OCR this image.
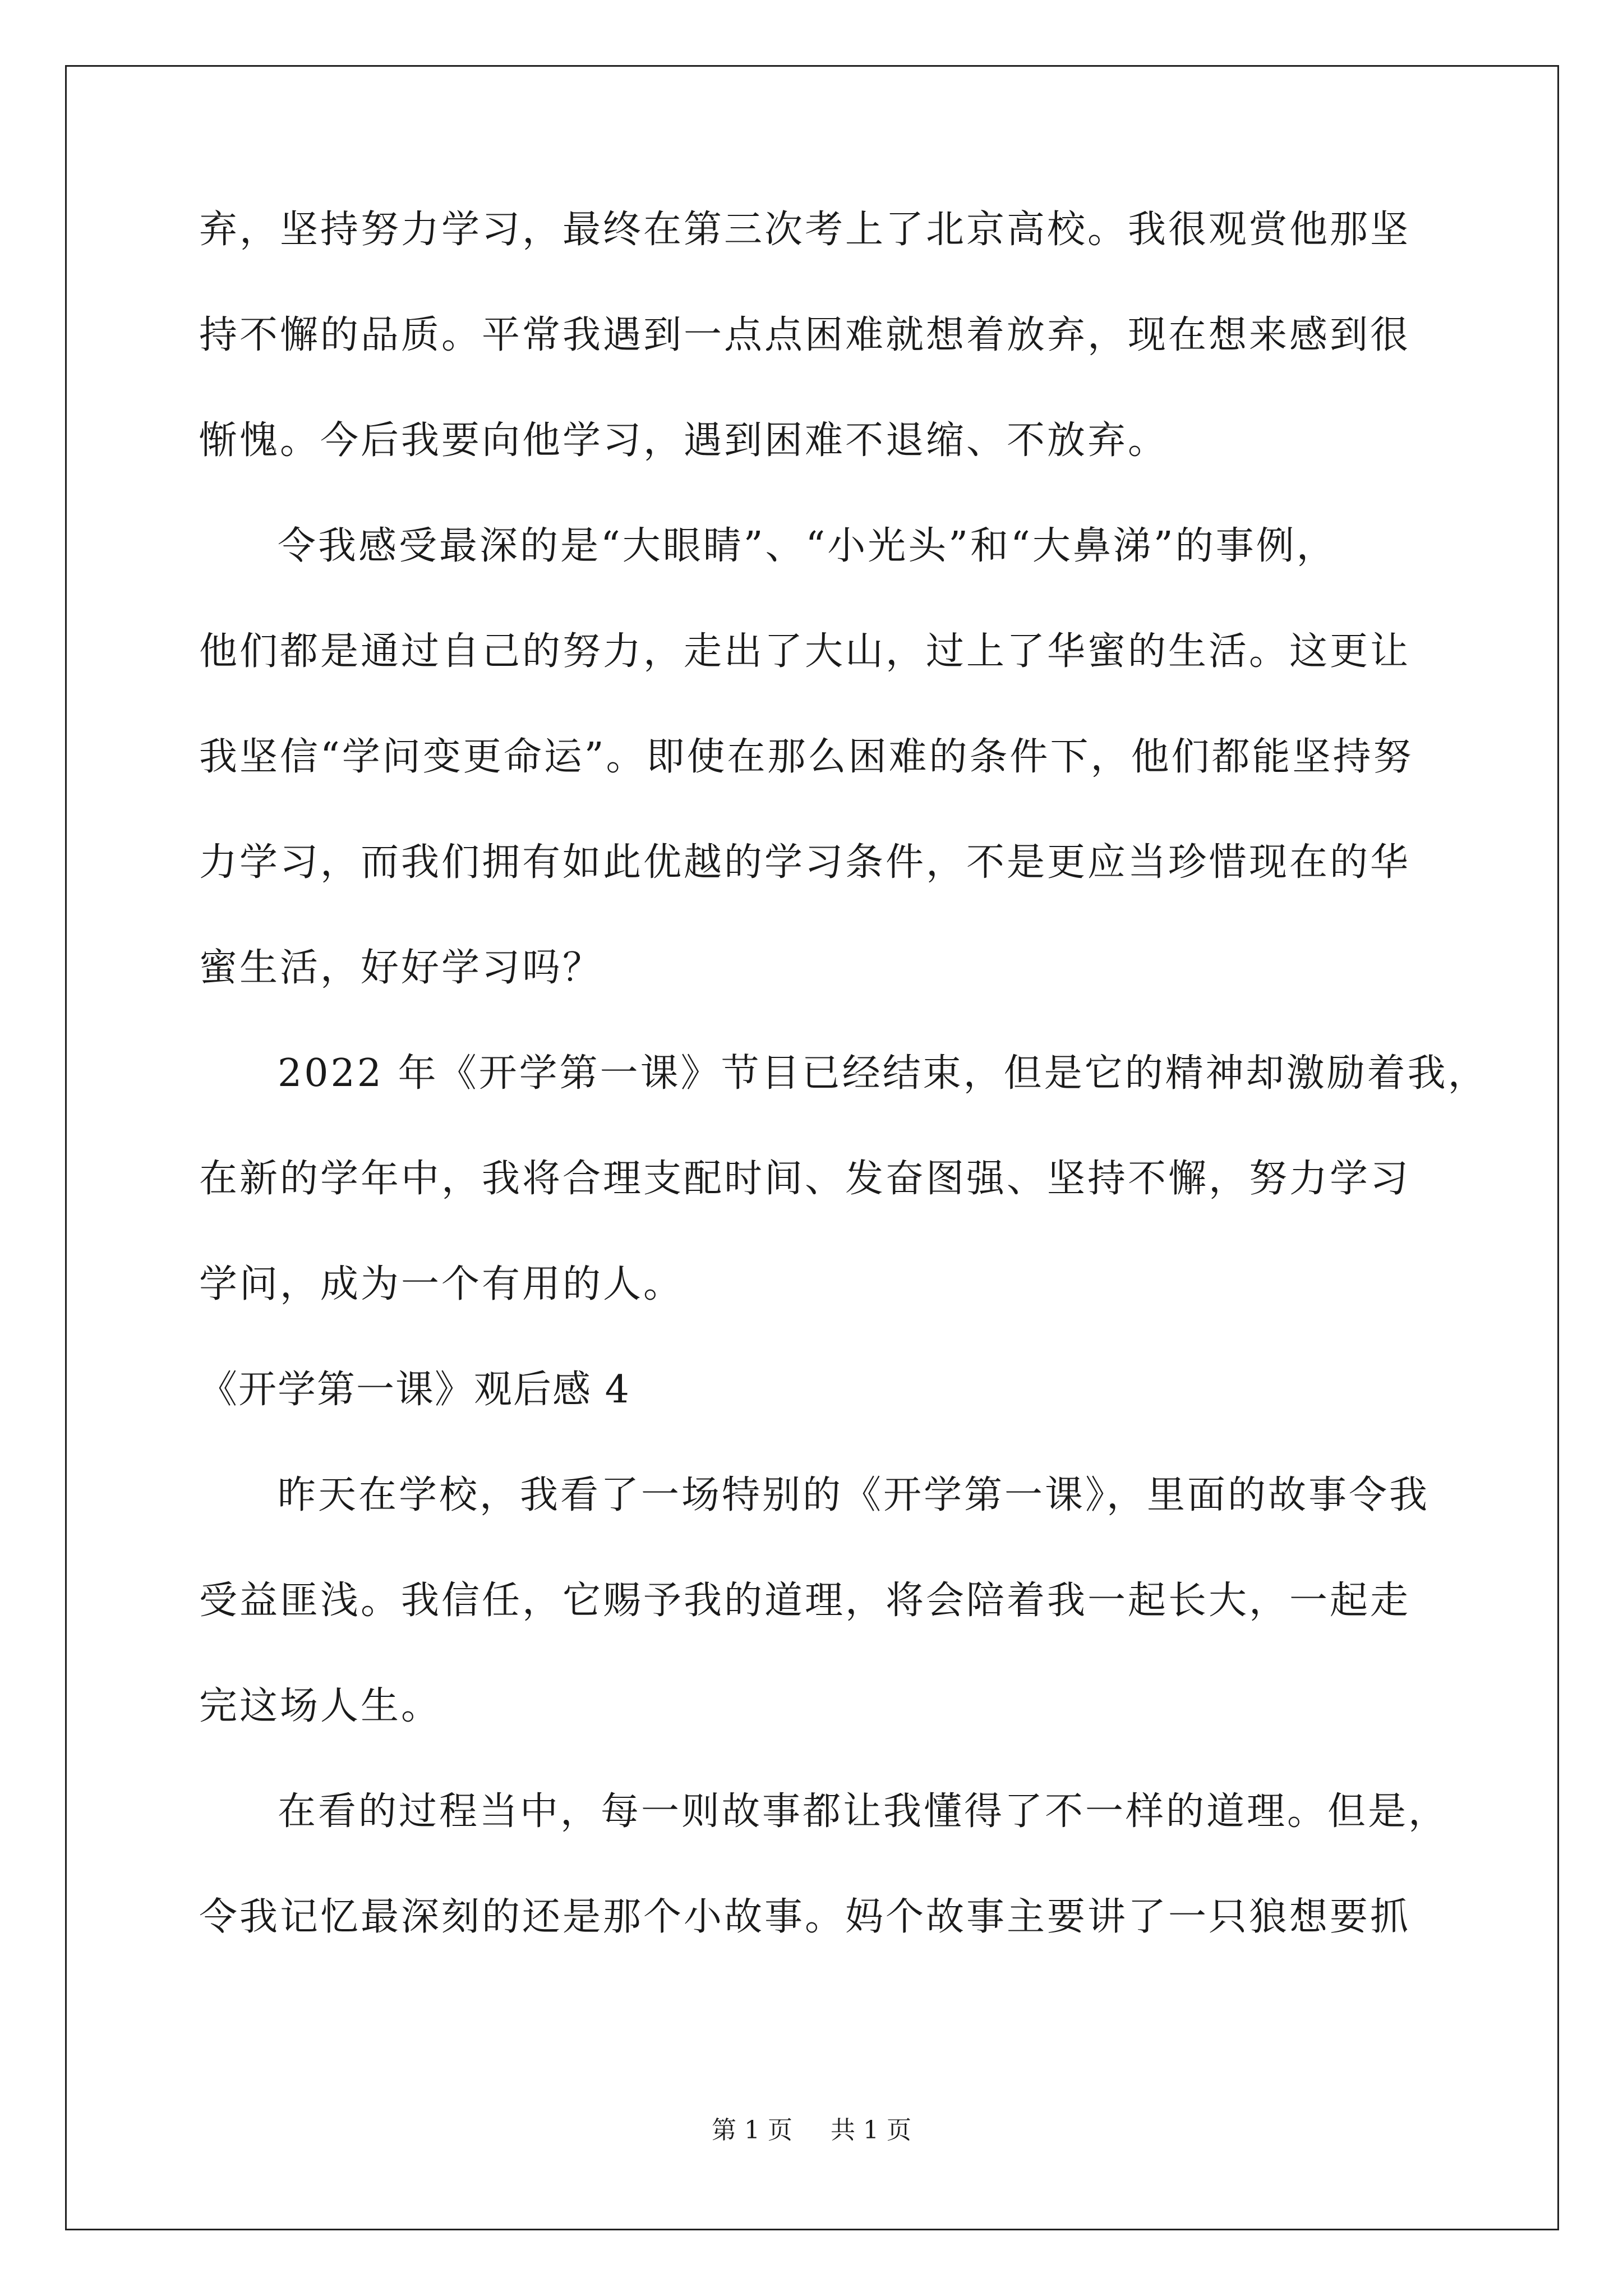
弃，坚持努力学习，最终在第三次考上了北京高校。我很观赏他那坚
持不懈的品质。平常我遇到一点点困难就想着放弃，现在想来感到很
惭愧。今后我要向他学习，遇到困难不退缩、不放弃。
令我感受最深的是“大眼睛”、“小光头”和“大鼻涕”的事例，
他们都是通过自己的努力，走出了大山，过上了华蜜的生活。这更让
我坚信“学问变更命运”。即使在那么困难的条件下，他们都能坚持努
力学习，而我们拥有如此优越的学习条件，不是更应当珍惜现在的华
蜜生活，好好学习吗？
2022 年《开学第一课》节目已经结束，但是它的精神却激励着我，
在新的学年中，我将合理支配时间、发奋图强、坚持不懈，努力学习
学问，成为一个有用的人。
《开学第一课》观后感 4
昨天在学校，我看了一场特别的《开学第一课》，里面的故事令我
受益匪浅。我信任，它赐予我的道理，将会陪着我一起长大，一起走
完这场人生。
在看的过程当中，每一则故事都让我懂得了不一样的道理。但是，
令我记忆最深刻的还是那个小故事。妈个故事主要讲了一只狼想要抓
第 1 页 共 1 页
